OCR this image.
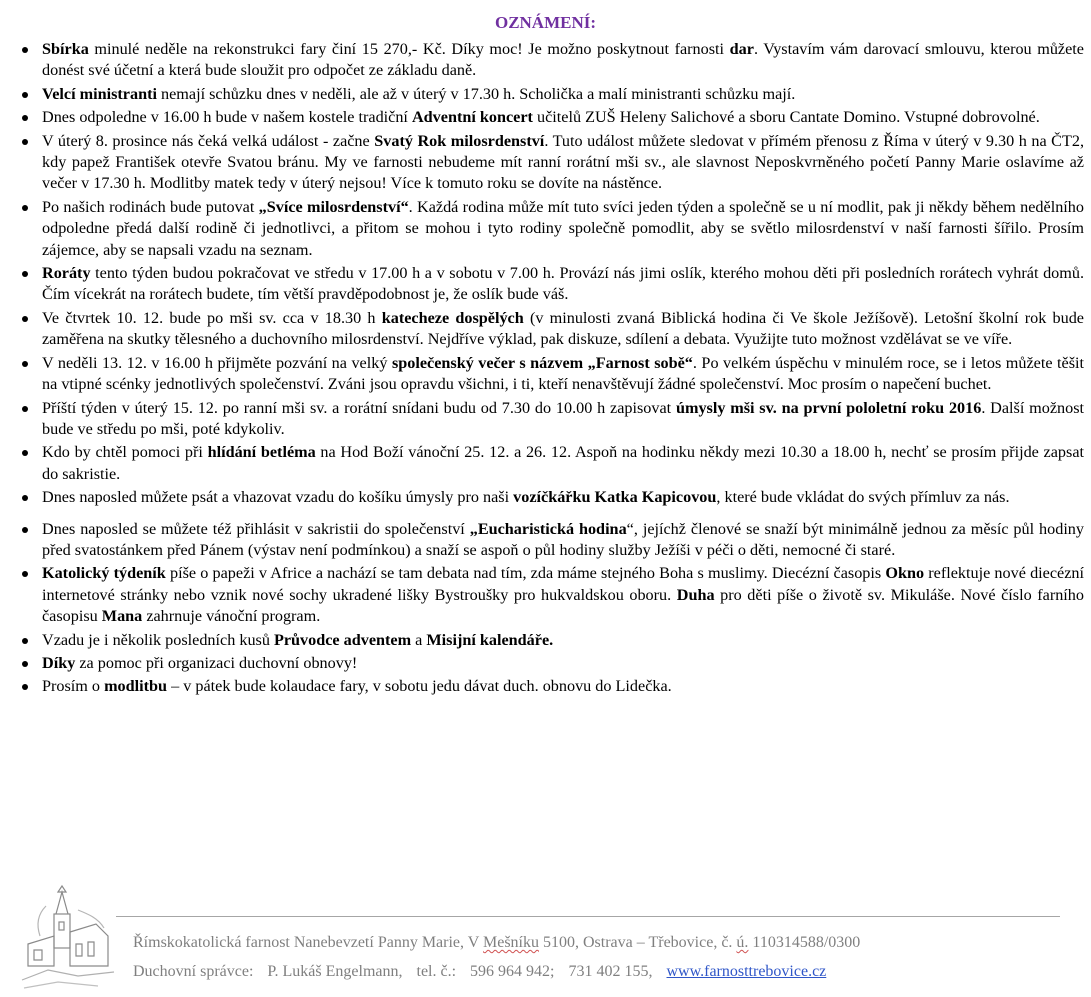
OZNÁMENÍ:
Sbírka minulé neděle na rekonstrukci fary činí 15 270,- Kč. Díky moc! Je možno poskytnout farnosti dar. Vystavím vám darovací smlouvu, kterou můžete donést své účetní a která bude sloužit pro odpočet ze základu daně.
Velcí ministranti nemají schůzku dnes v neděli, ale až v úterý v 17.30 h. Scholička a malí ministranti schůzku mají.
Dnes odpoledne v 16.00 h bude v našem kostele tradiční Adventní koncert učitelů ZUŠ Heleny Salichové a sboru Cantate Domino. Vstupné dobrovolné.
V úterý 8. prosince nás čeká velká událost - začne Svatý Rok milosrdenství. Tuto událost můžete sledovat v přímém přenosu z Říma v úterý v 9.30 h na ČT2, kdy papež František otevře Svatou bránu. My ve farnosti nebudeme mít ranní rorátní mši sv., ale slavnost Neposkvrněného početí Panny Marie oslavíme až večer v 17.30 h. Modlitby matek tedy v úterý nejsou! Více k tomuto roku se dovíte na nástěnce.
Po našich rodinách bude putovat „Svíce milosrdenství“. Každá rodina může mít tuto svíci jeden týden a společně se u ní modlit, pak ji někdy během nedělního odpoledne předá další rodině či jednotlivci, a přitom se mohou i tyto rodiny společně pomodlit, aby se světlo milosrdenství v naší farnosti šířilo. Prosím zájemce, aby se napsali vzadu na seznam.
Roráty tento týden budou pokračovat ve středu v 17.00 h a v sobotu v 7.00 h. Provází nás jimi oslík, kterého mohou děti při posledních rorátech vyhrát domů. Čím vícekrát na rorátech budete, tím větší pravděpodobnost je, že oslík bude váš.
Ve čtvrtek 10. 12. bude po mši sv. cca v 18.30 h katecheze dospělých (v minulosti zvaná Biblická hodina či Ve škole Ježíšově). Letošní školní rok bude zaměřena na skutky tělesného a duchovního milosrdenství. Nejdříve výklad, pak diskuze, sdílení a debata. Využijte tuto možnost vzdělávat se ve víře.
V neděli 13. 12. v 16.00 h přijměte pozvání na velký společenský večer s názvem „Farnost sobě“. Po velkém úspěchu v minulém roce, se i letos můžete těšit na vtipné scénky jednotlivých společenství. Zváni jsou opravdu všichni, i ti, kteří nenavštěvují žádné společenství. Moc prosím o napečení buchet.
Příští týden v úterý 15. 12. po ranní mši sv. a rorátní snídani budu od 7.30 do 10.00 h zapisovat úmysly mši sv. na první pololetní roku 2016. Další možnost bude ve středu po mši, poté kdykoliv.
Kdo by chtěl pomoci při hlídání betléma na Hod Boží vánoční 25. 12. a 26. 12. Aspoň na hodinku někdy mezi 10.30 a 18.00 h, nechť se prosím přijde zapsat do sakristie.
Dnes naposled můžete psát a vhazovat vzadu do košíku úmysly pro naši vozíčkářku Katka Kapicovou, které bude vkládat do svých přímluv za nás.
Dnes naposled se můžete též přihlásit v sakristii do společenství „Eucharistická hodina“, jejíchž členové se snaží být minimálně jednou za měsíc půl hodiny před svatostánkem před Pánem (výstav není podmínkou) a snaží se aspoň o půl hodiny služby Ježíši v péči o děti, nemocné či staré.
Katolický týdeník píše o papeži v Africe a nachází se tam debata nad tím, zda máme stejného Boha s muslimy. Diecézní časopis Okno reflektuje nové diecézní internetové stránky nebo vznik nové sochy ukradené lišky Bystroušky pro hukvaldskou oboru. Duha pro děti píše o životě sv. Mikuláše. Nové číslo farního časopisu Mana zahrnuje vánoční program.
Vzadu je i několik posledních kusů Průvodce adventem a Misijní kalendáře.
Díky za pomoc při organizaci duchovní obnovy!
Prosím o modlitbu – v pátek bude kolaudace fary, v sobotu jedu dávat duch. obnovu do Lidečka.
Římskokatolická farnost Nanebevzetí Panny Marie, V Mešníku 5100, Ostrava – Třebovice, č. ú. 110314588/0300
Duchovní správce: P. Lukáš Engelmann, tel. č.: 596 964 942; 731 402 155, www.farnosttrebovice.cz
